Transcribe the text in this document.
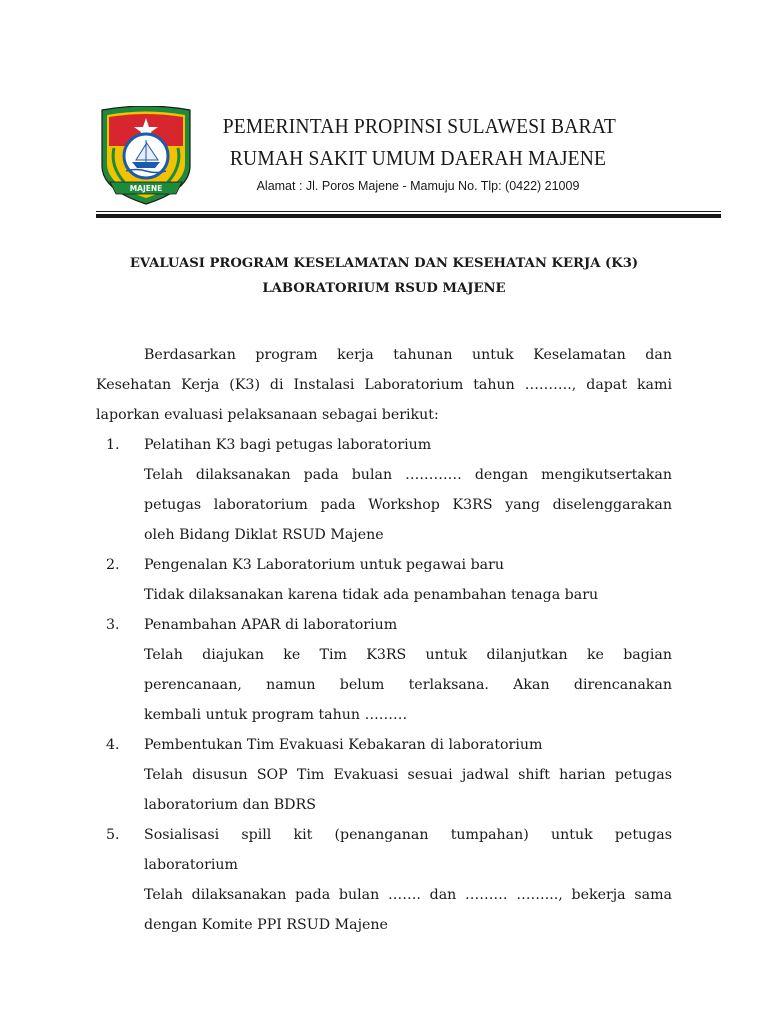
MAJENE
PEMERINTAH PROPINSI SULAWESI BARAT
RUMAH SAKIT UMUM DAERAH MAJENE
Alamat : Jl. Poros Majene - Mamuju No. Tlp: (0422) 21009
EVALUASI PROGRAM KESELAMATAN DAN KESEHATAN KERJA (K3)
LABORATORIUM RSUD MAJENE
Berdasarkan program kerja tahunan untuk Keselamatan dan
Kesehatan Kerja (K3) di Instalasi Laboratorium tahun ………., dapat kami
laporkan evaluasi pelaksanaan sebagai berikut:
1.	Pelatihan K3 bagi petugas laboratorium
Telah dilaksanakan pada bulan ………… dengan mengikutsertakan
petugas laboratorium pada Workshop K3RS yang diselenggarakan
oleh Bidang Diklat RSUD Majene
2.	Pengenalan K3 Laboratorium untuk pegawai baru
Tidak dilaksanakan karena tidak ada penambahan tenaga baru
3.	Penambahan APAR di laboratorium
Telah diajukan ke Tim K3RS untuk dilanjutkan ke bagian
perencanaan, namun belum terlaksana. Akan direncanakan
kembali untuk program tahun ………
4.	Pembentukan Tim Evakuasi Kebakaran di laboratorium
Telah disusun SOP Tim Evakuasi sesuai jadwal shift harian petugas
laboratorium dan BDRS
5.	Sosialisasi spill kit (penanganan tumpahan) untuk petugas
laboratorium
Telah dilaksanakan pada bulan ……. dan ……… ……..., bekerja sama
dengan Komite PPI RSUD Majene
